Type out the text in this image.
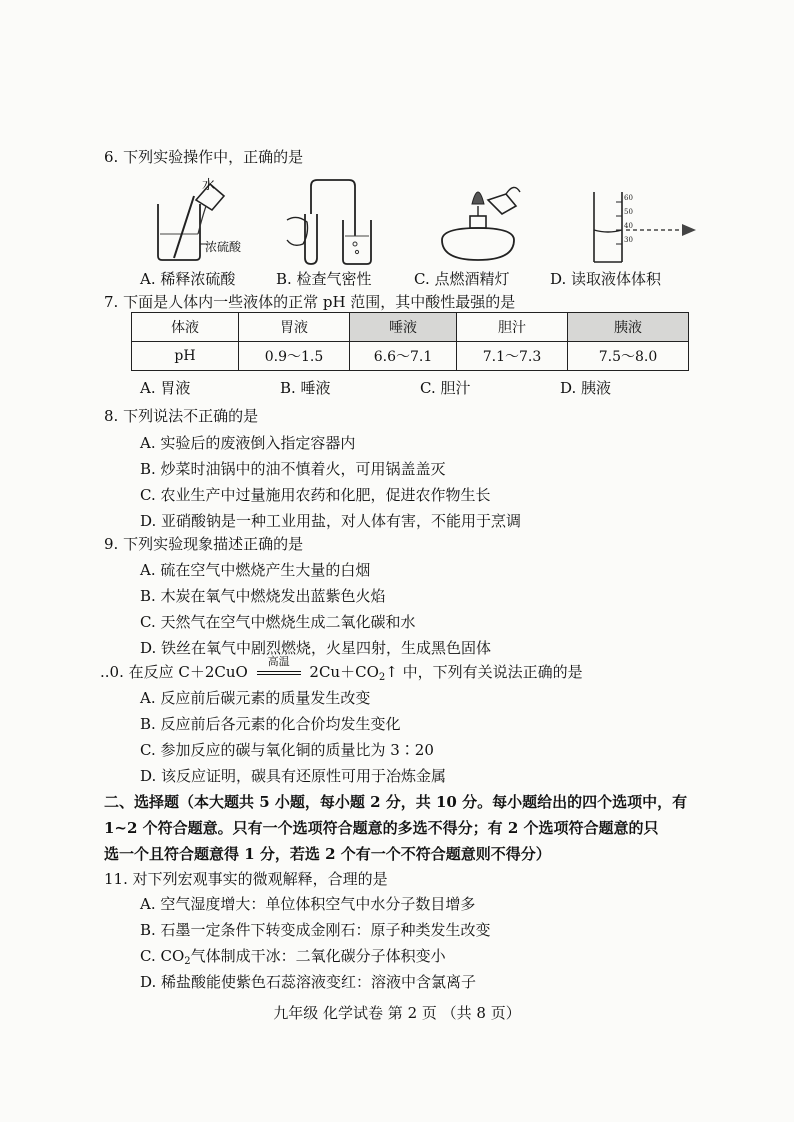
6. 下列实验操作中，正确的是
水
浓硫酸
60
50
40
30
A. 稀释浓硫酸	B. 检查气密性	C. 点燃酒精灯	D. 读取液体体积
7. 下面是人体内一些液体的正常 pH 范围，其中酸性最强的是
体液	胃液	唾液	胆汁	胰液
pH	0.9～1.5	6.6～7.1	7.1～7.3	7.5～8.0
A. 胃液	B. 唾液	C. 胆汁	D. 胰液
8. 下列说法不正确的是
A. 实验后的废液倒入指定容器内
B. 炒菜时油锅中的油不慎着火，可用锅盖盖灭
C. 农业生产中过量施用农药和化肥，促进农作物生长
D. 亚硝酸钠是一种工业用盐，对人体有害，不能用于烹调
9. 下列实验现象描述正确的是
A. 硫在空气中燃烧产生大量的白烟
B. 木炭在氧气中燃烧发出蓝紫色火焰
C. 天然气在空气中燃烧生成二氧化碳和水
D. 铁丝在氧气中剧烈燃烧，火星四射，生成黑色固体
..0. 在反应 C＋2CuO
高温
$2Cu+CO_2↑$ 中，下列有关说法正确的是
A. 反应前后碳元素的质量发生改变
B. 反应前后各元素的化合价均发生变化
C. 参加反应的碳与氧化铜的质量比为 3∶20
D. 该反应证明，碳具有还原性可用于冶炼金属
二、选择题（本大题共 5 小题，每小题 2 分，共 10 分。每小题给出的四个选项中，有
1~2 个符合题意。只有一个选项符合题意的多选不得分；有 2 个选项符合题意的只
选一个且符合题意得 1 分，若选 2 个有一个不符合题意则不得分）
11. 对下列宏观事实的微观解释，合理的是
A. 空气湿度增大：单位体积空气中水分子数目增多
B. 石墨一定条件下转变成金刚石：原子种类发生改变
C. $CO_2$气体制成干冰：二氧化碳分子体积变小
D. 稀盐酸能使紫色石蕊溶液变红：溶液中含氯离子
九年级 化学试卷 第 2 页 （共 8 页）
